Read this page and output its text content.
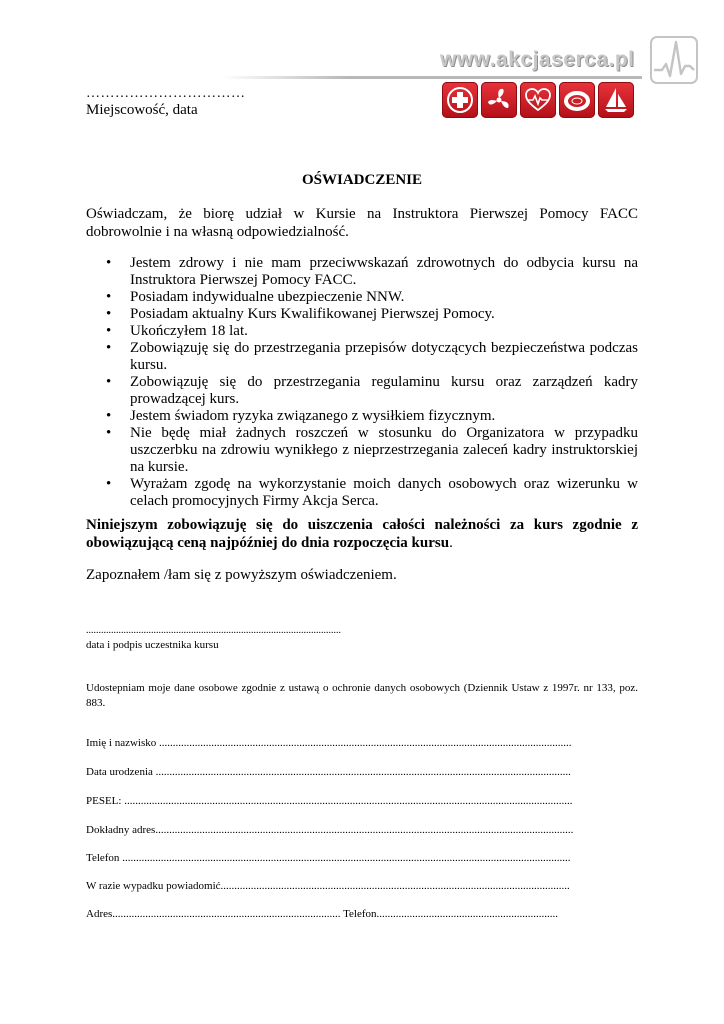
www.akcjaserca.pl
……………………………
Miejscowość, data
OŚWIADCZENIE
Oświadczam, że biorę udział w Kursie na Instruktora Pierwszej Pomocy FACC dobrowolnie i na własną odpowiedzialność.
• Jestem zdrowy i nie mam przeciwwskazań zdrowotnych do odbycia kursu na Instruktora Pierwszej Pomocy FACC.
• Posiadam indywidualne ubezpieczenie NNW.
• Posiadam aktualny Kurs Kwalifikowanej Pierwszej Pomocy.
• Ukończyłem 18 lat.
• Zobowiązuję się do przestrzegania przepisów dotyczących bezpieczeństwa podczas kursu.
• Zobowiązuję się do przestrzegania regulaminu kursu oraz zarządzeń kadry prowadzącej kurs.
• Jestem świadom ryzyka związanego z wysiłkiem fizycznym.
• Nie będę miał żadnych roszczeń w stosunku do Organizatora w przypadku uszczerbku na zdrowiu wynikłego z nieprzestrzegania zaleceń kadry instruktorskiej na kursie.
• Wyrażam zgodę na wykorzystanie moich danych osobowych oraz wizerunku w celach promocyjnych Firmy Akcja Serca.
Niniejszym zobowiązuję się do uiszczenia całości należności za kurs zgodnie z obowiązującą ceną najpóźniej do dnia rozpoczęcia kursu.
Zapoznałem /łam się z powyższym oświadczeniem.
......................................................................................................
data i podpis uczestnika kursu
Udostepniam moje dane osobowe zgodnie z ustawą o ochronie danych osobowych (Dziennik Ustaw z 1997r. nr 133, poz. 883.
Imię i nazwisko ......................................................................................................................................................
Data urodzenia .......................................................................................................................................................
PESEL: ...................................................................................................................................................................
Dokładny adres........................................................................................................................................................
Telefon ...................................................................................................................................................................
W razie wypadku powiadomić...............................................................................................................................
Adres................................................................................... Telefon..................................................................
